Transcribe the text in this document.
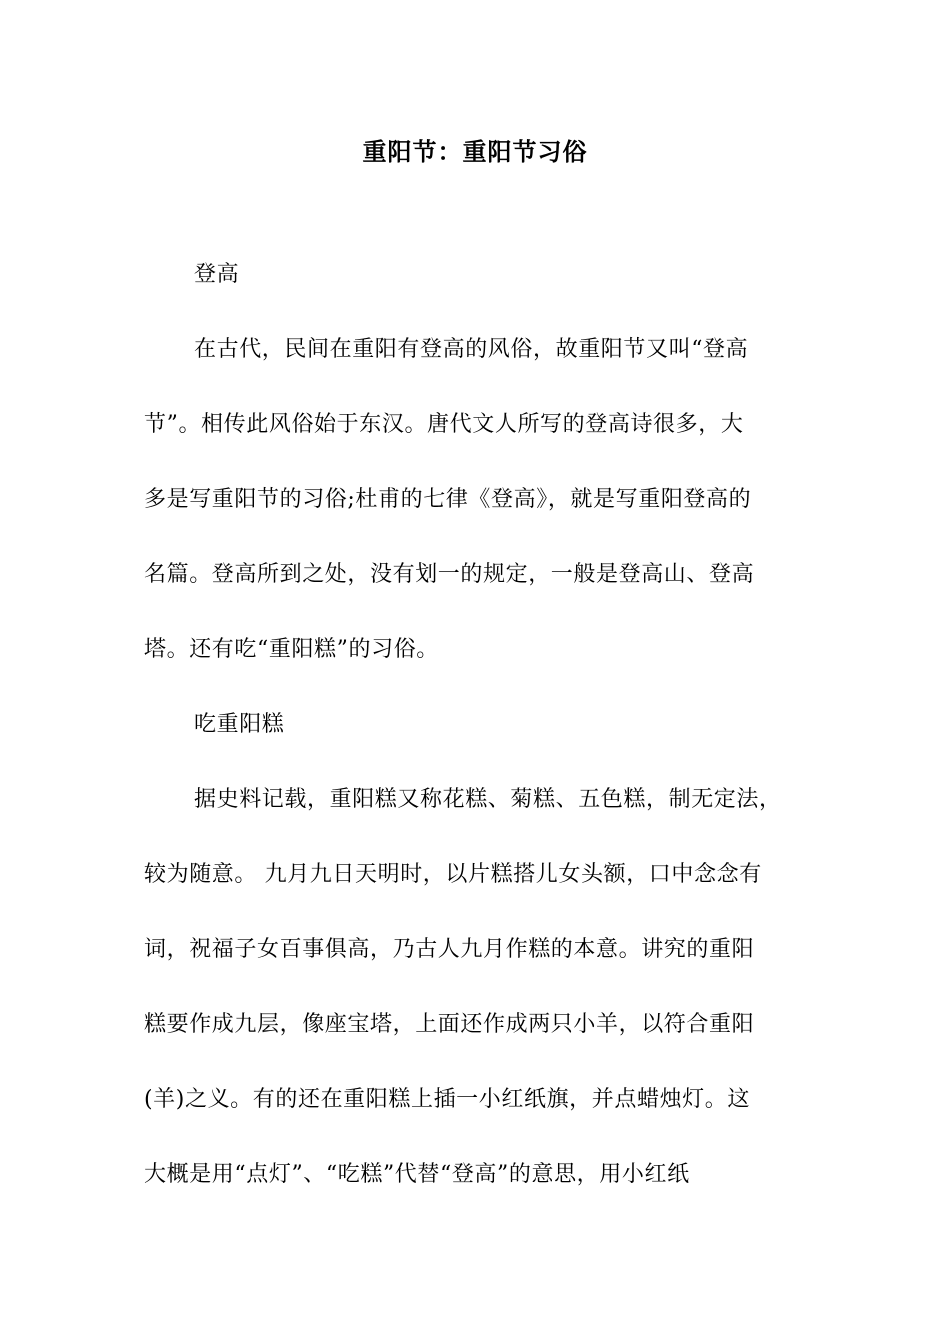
重阳节：重阳节习俗
登高
在古代，民间在重阳有登高的风俗，故重阳节又叫“登高
节”。相传此风俗始于东汉。唐代文人所写的登高诗很多，大
多是写重阳节的习俗;杜甫的七律《登高》，就是写重阳登高的
名篇。登高所到之处，没有划一的规定，一般是登高山、登高
塔。还有吃“重阳糕”的习俗。
吃重阳糕
据史料记载，重阳糕又称花糕、菊糕、五色糕，制无定法，
较为随意。 九月九日天明时，以片糕搭儿女头额，口中念念有
词，祝福子女百事俱高，乃古人九月作糕的本意。讲究的重阳
糕要作成九层，像座宝塔，上面还作成两只小羊，以符合重阳
(羊)之义。有的还在重阳糕上插一小红纸旗，并点蜡烛灯。这
大概是用“点灯”、“吃糕”代替“登高”的意思，用小红纸
